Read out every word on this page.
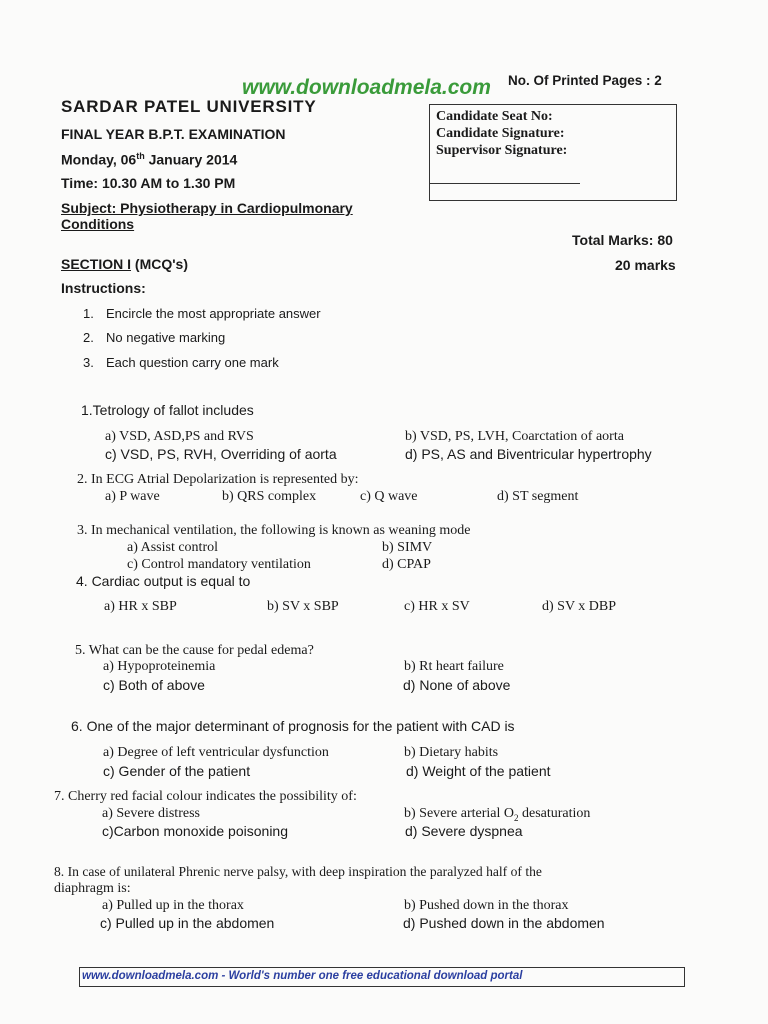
www.downloadmela.com No. Of Printed Pages : 2
SARDAR PATEL UNIVERSITY
FINAL YEAR B.P.T. EXAMINATION
Monday, 06th January 2014
Time: 10.30 AM to 1.30 PM
Subject: Physiotherapy in Cardiopulmonary Conditions
Candidate Seat No:
Candidate Signature:
Supervisor Signature:
Total Marks: 80
SECTION I (MCQ's)	20 marks
Instructions:
1. Encircle the most appropriate answer
2. No negative marking
3. Each question carry one mark
1.Tetrology of fallot includes
a) VSD, ASD,PS and RVS	b) VSD, PS, LVH, Coarctation of aorta
c) VSD, PS, RVH, Overriding of aorta	d) PS, AS and Biventricular hypertrophy
2. In ECG Atrial Depolarization is represented by:
a) P wave	b) QRS complex	c) Q wave	d) ST segment
3. In mechanical ventilation, the following is known as weaning mode
a) Assist control	b) SIMV
c) Control mandatory ventilation	d) CPAP
4. Cardiac output is equal to
a) HR x SBP	b) SV x SBP	c) HR x SV	d) SV x DBP
5. What can be the cause for pedal edema?
a) Hypoproteinemia	b) Rt heart failure
c) Both of above	d) None of above
6. One of the major determinant of prognosis for the patient with CAD is
a) Degree of left ventricular dysfunction	b) Dietary habits
c) Gender of the patient	d) Weight of the patient
7. Cherry red facial colour indicates the possibility of:
a) Severe distress	b) Severe arterial $O_2$ desaturation
c)Carbon monoxide poisoning	d) Severe dyspnea
8. In case of unilateral Phrenic nerve palsy, with deep inspiration the paralyzed half of the
diaphragm is:
a) Pulled up in the thorax	b) Pushed down in the thorax
c) Pulled up in the abdomen	d) Pushed down in the abdomen
www.downloadmela.com - World's number one free educational download portal
